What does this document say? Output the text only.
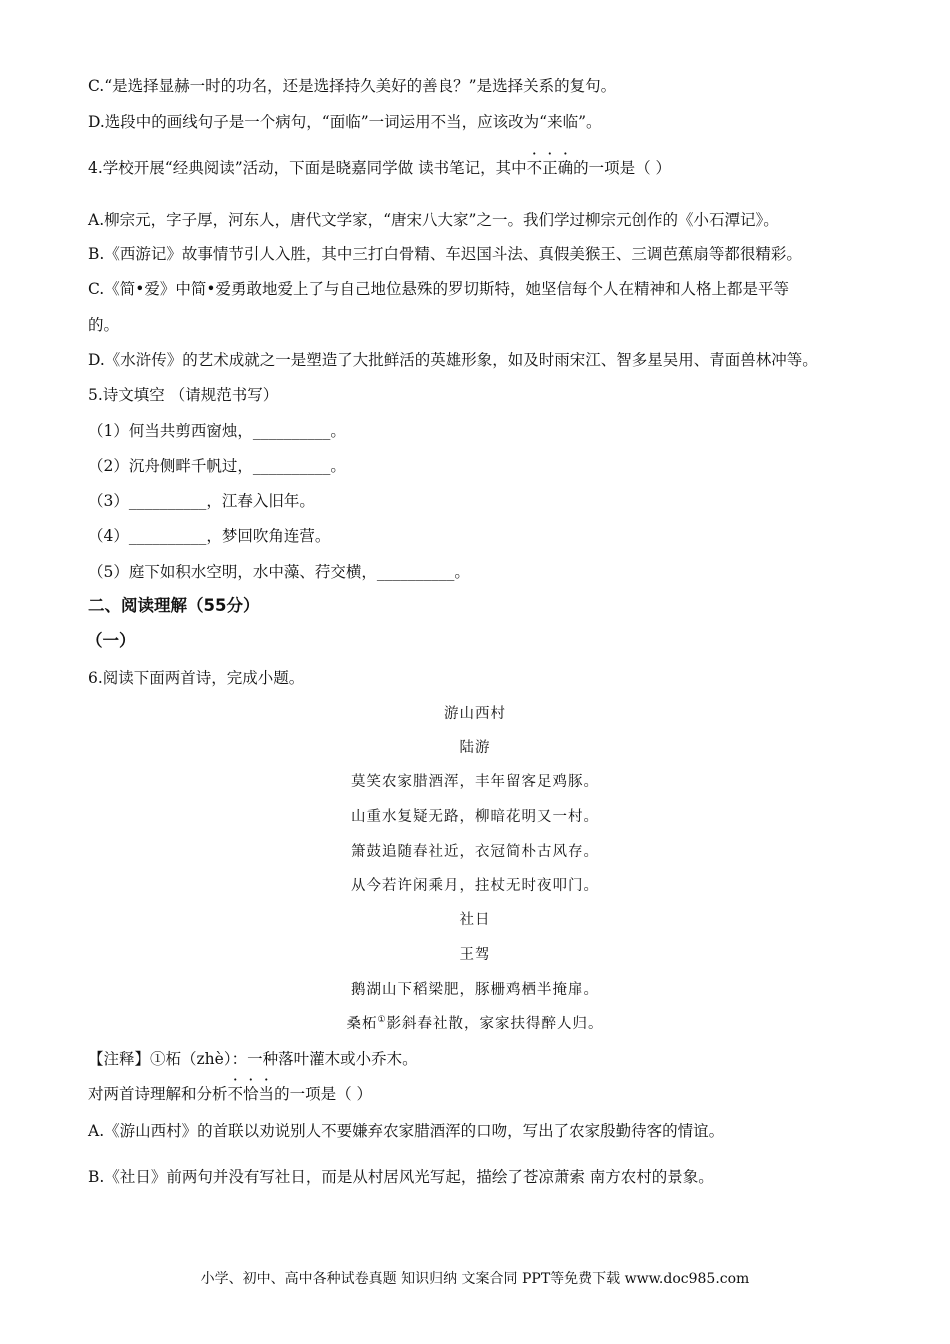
C.“是选择显赫一时的功名，还是选择持久美好的善良？”是选择关系的复句。
D.选段中的画线句子是一个病句，“面临”一词运用不当，应该改为“来临”。
4.学校开展“经典阅读”活动，下面是晓嘉同学做 读书笔记，其中不正确的一项是（ ）
A.柳宗元，字子厚，河东人，唐代文学家，“唐宋八大家”之一。我们学过柳宗元创作的《小石潭记》。
B.《西游记》故事情节引人入胜，其中三打白骨精、车迟国斗法、真假美猴王、三调芭蕉扇等都很精彩。
C.《简•爱》中简•爱勇敢地爱上了与自己地位悬殊的罗切斯特，她坚信每个人在精神和人格上都是平等
的。
D.《水浒传》的艺术成就之一是塑造了大批鲜活的英雄形象，如及时雨宋江、智多星吴用、青面兽林冲等。
5.诗文填空 （请规范书写）
（1）何当共剪西窗烛，__________。
（2）沉舟侧畔千帆过，__________。
（3）__________，江春入旧年。
（4）__________，梦回吹角连营。
（5）庭下如积水空明，水中藻、荇交横，__________。
二、阅读理解（55分）
（一）
6.阅读下面两首诗，完成小题。
游山西村
陆游
莫笑农家腊酒浑，丰年留客足鸡豚。
山重水复疑无路，柳暗花明又一村。
箫鼓追随春社近，衣冠简朴古风存。
从今若许闲乘月，拄杖无时夜叩门。
社日
王驾
鹅湖山下稻梁肥，豚栅鸡栖半掩扉。
桑柘①影斜春社散，家家扶得醉人归。
【注释】①柘（zhè）：一种落叶灌木或小乔木。
对两首诗理解和分析不恰当的一项是（ ）
A.《游山西村》的首联以劝说别人不要嫌弃农家腊酒浑的口吻，写出了农家殷勤待客的情谊。
B.《社日》前两句并没有写社日，而是从村居风光写起，描绘了苍凉萧索 南方农村的景象。
小学、初中、高中各种试卷真题 知识归纳 文案合同 PPT等免费下载 www.doc985.com
